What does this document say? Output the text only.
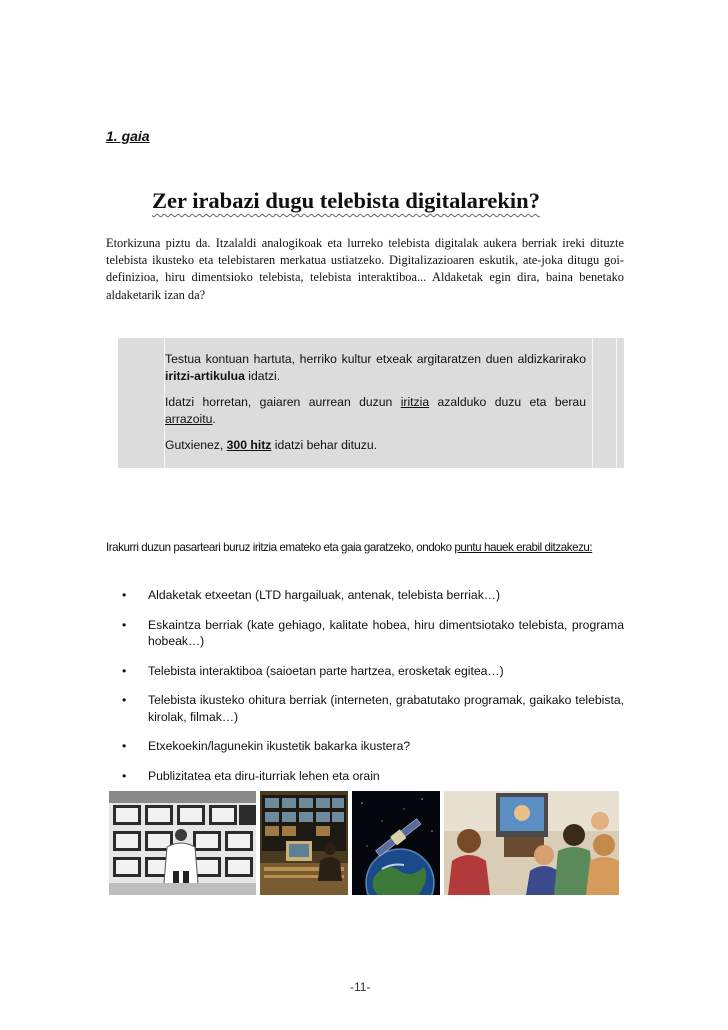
1. gaia
Zer irabazi dugu telebista digitalarekin?
Etorkizuna piztu da. Itzalaldi analogikoak eta lurreko telebista digitalak aukera berriak ireki dituzte telebista ikusteko eta telebistaren merkatua ustiatzeko. Digitalizazioaren eskutik, ate-joka ditugu goi-definizioa, hiru dimentsioko telebista, telebista interaktiboa... Aldaketak egin dira, baina benetako aldaketarik izan da?

Testua kontuan hartuta, herriko kultur etxeak argitaratzen duen aldizkarirako iritzi-artikulua idatzi.

Idatzi horretan, gaiaren aurrean duzun iritzia azalduko duzu eta berau arrazoitu.

Gutxienez, 300 hitz idatzi behar dituzu.

Irakurri duzun pasarteari buruz iritzia emateko eta gaia garatzeko, ondoko puntu hauek erabil ditzakezu:
• Aldaketak etxeetan (LTD hargailuak, antenak, telebista berriak…)
• Eskaintza berriak (kate gehiago, kalitate hobea, hiru dimentsiotako telebista, programa hobeak…)
• Telebista interaktiboa (saioetan parte hartzea, erosketak egitea…)
• Telebista ikusteko ohitura berriak (interneten, grabatutako programak, gaikako telebista, kirolak, filmak…)
• Etxekoekin/lagunekin ikustetik bakarka ikustera?
• Publizitatea eta diru-iturriak lehen eta orain
-11-
